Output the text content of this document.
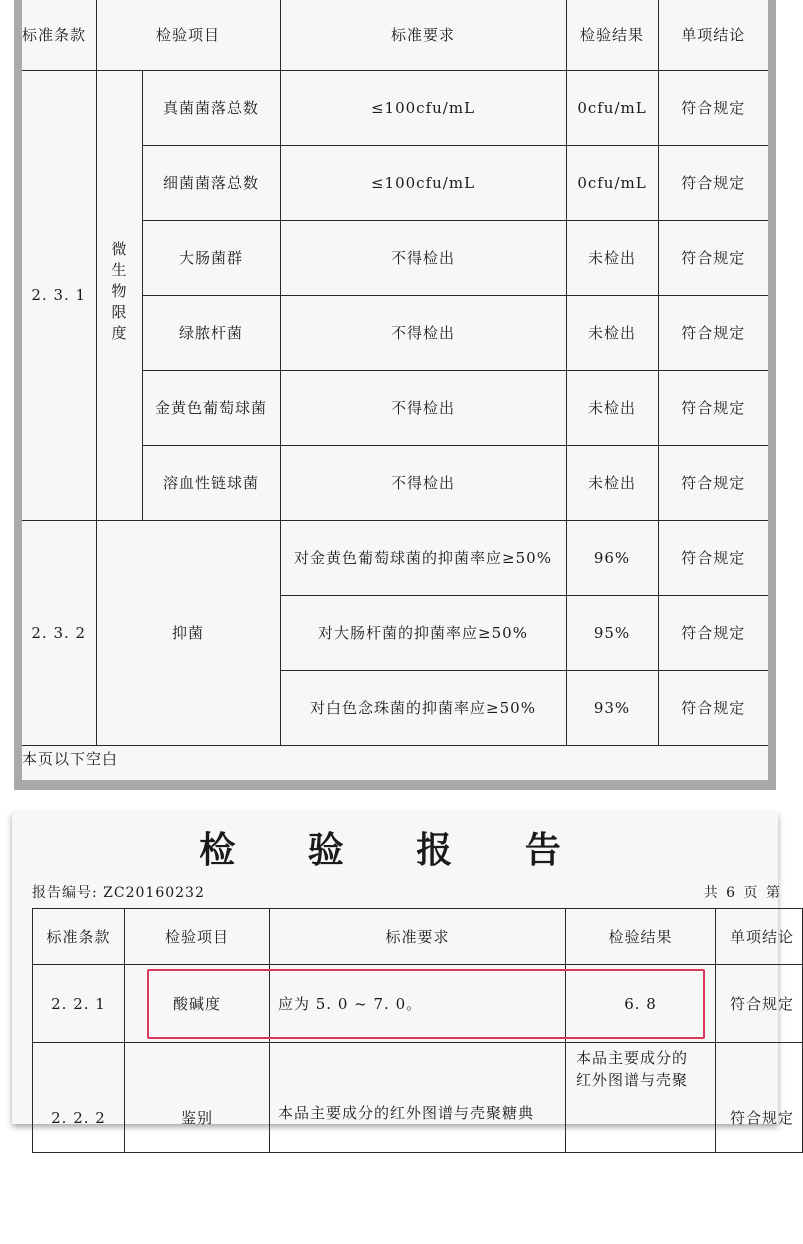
标准条款	检验项目		标准要求	检验结果	单项结论
2. 3. 1	微生物限度	真菌菌落总数	≤100cfu/mL	0cfu/mL	符合规定
		细菌菌落总数	≤100cfu/mL	0cfu/mL	符合规定
		大肠菌群	不得检出	未检出	符合规定
		绿脓杆菌	不得检出	未检出	符合规定
		金黄色葡萄球菌	不得检出	未检出	符合规定
		溶血性链球菌	不得检出	未检出	符合规定
2. 3. 2	抑菌		对金黄色葡萄球菌的抑菌率应≥50%	96%	符合规定
			对大肠杆菌的抑菌率应≥50%	95%	符合规定
			对白色念珠菌的抑菌率应≥50%	93%	符合规定
本页以下空白
检 验 报 告
报告编号: ZC20160232	共 6 页 第
标准条款	检验项目	标准要求	检验结果	单项结论
2. 2. 1	酸碱度	应为 5. 0 ~ 7. 0。	6. 8	符合规定
2. 2. 2	鉴别	本品主要成分的红外图谱与壳聚糖典	本品主要成分的
红外图谱与壳聚	符合规定
